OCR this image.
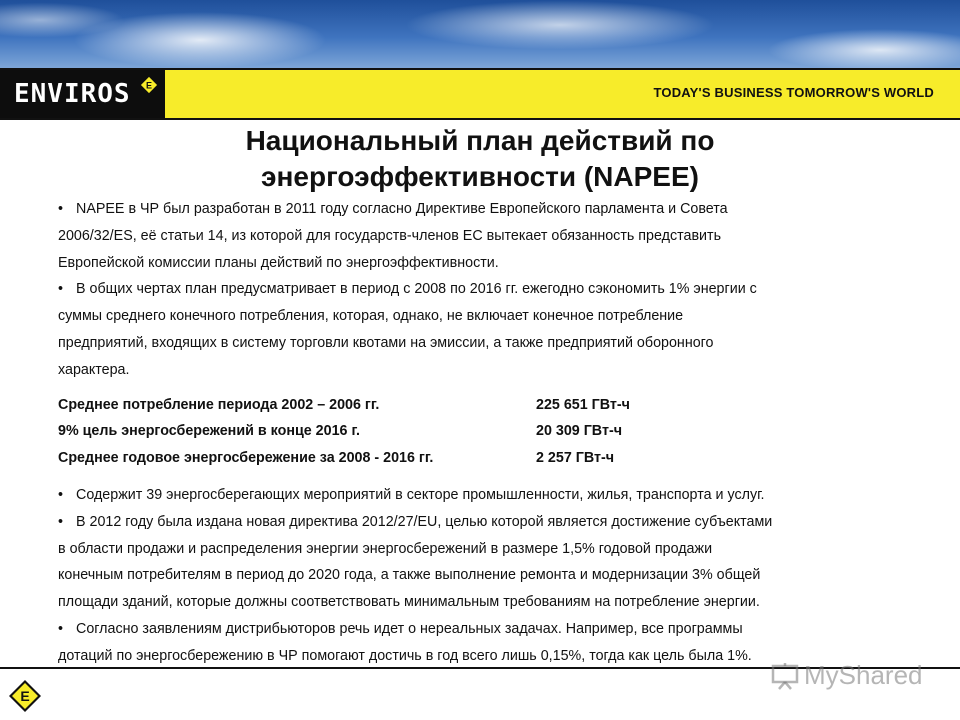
ENVIROS E	TODAY'S BUSINESS TOMORROW'S WORLD
Национальный план действий по
энергоэффективности (NAPEE)
• NAPEE в ЧР был разработан в 2011 году согласно Директиве Европейского парламента и Совета
2006/32/ES, её статьи 14, из которой для государств-членов ЕС вытекает обязанность представить
Европейской комиссии планы действий по энергоэффективности.
• В общих чертах план предусматривает в период с 2008 по 2016 гг. ежегодно сэкономить 1% энергии с
суммы среднего конечного потребления, которая, однако, не включает конечное потребление
предприятий, входящих в систему торговли квотами на эмиссии, а также предприятий оборонного
характера.
Среднее потребление периода 2002 – 2006 гг.	225 651 ГВт-ч
9% цель энергосбережений в конце 2016 г.	20 309 ГВт-ч
Среднее годовое энергосбережение за 2008 - 2016 гг.	2 257 ГВт-ч
• Содержит 39 энергосберегающих мероприятий в секторе промышленности, жилья, транспорта и услуг.
• В 2012 году была издана новая директива 2012/27/EU, целью которой является достижение субъектами
в области продажи и распределения энергии энергосбережений в размере 1,5% годовой продажи
конечным потребителям в период до 2020 года, а также выполнение ремонта и модернизации 3% общей
площади зданий, которые должны соответствовать минимальным требованиям на потребление энергии.
• Согласно заявлениям дистрибьюторов речь идет о нереальных задачах. Например, все программы
дотаций по энергосбережению в ЧР помогают достичь в год всего лишь 0,15%, тогда как цель была 1%.
E
MyShared
